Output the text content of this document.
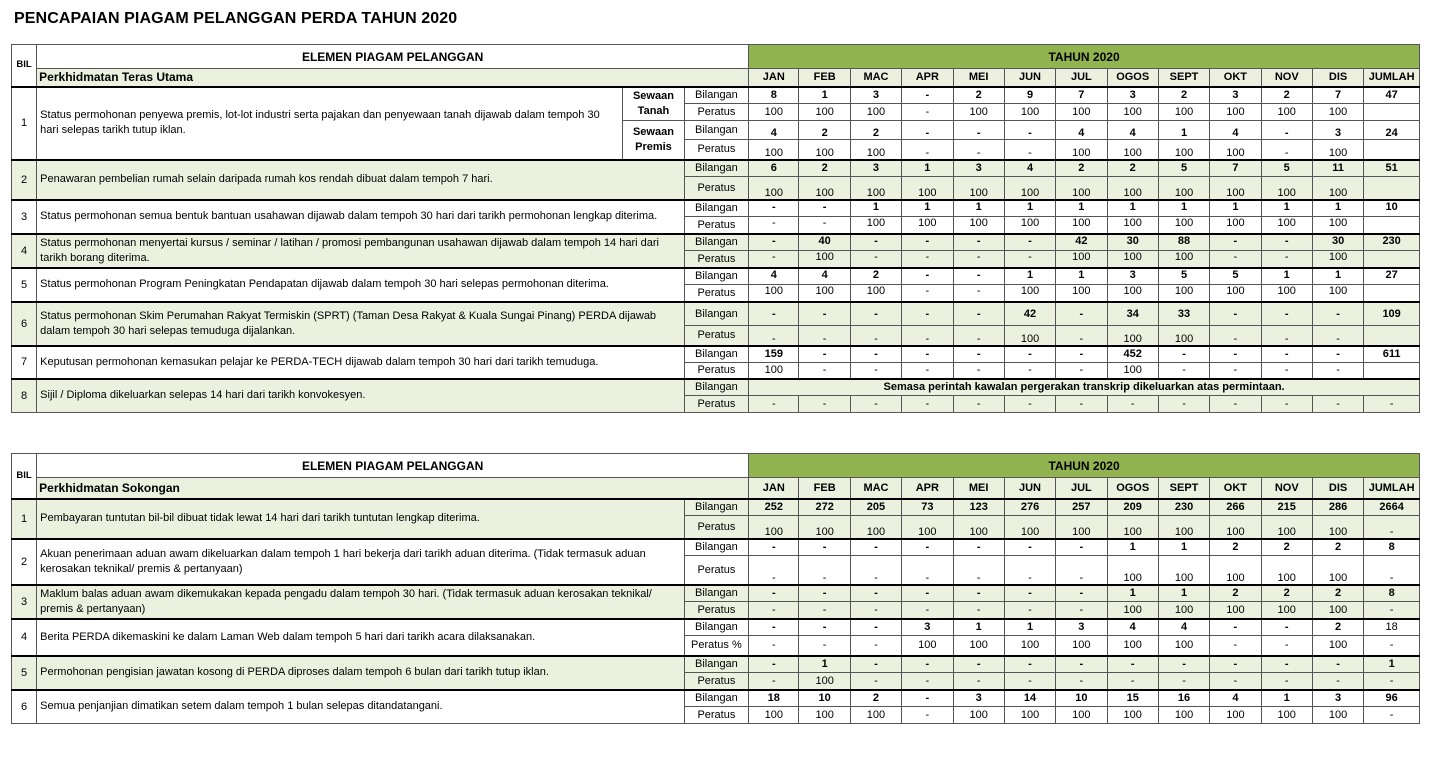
PENCAPAIAN PIAGAM PELANGGAN PERDA TAHUN 2020
BIL	ELEMEN PIAGAM PELANGGAN			TAHUN 2020												
	Perkhidmatan Teras Utama			JAN	FEB	MAC	APR	MEI	JUN	JUL	OGOS	SEPT	OKT	NOV	DIS	JUMLAH
1	Status permohonan penyewa premis, lot-lot industri serta pajakan dan penyewaan tanah dijawab dalam tempoh 30 hari selepas tarikh tutup iklan.	Sewaan Tanah	Bilangan	8	1	3	-	2	9	7	3	2	3	2	7	47
			Peratus	100	100	100	-	100	100	100	100	100	100	100	100	
		Sewaan Premis	Bilangan	4	2	2	-	-	-	4	4	1	4	-	3	24
			Peratus	100	100	100	-	-	-	100	100	100	100	-	100	
2	Penawaran pembelian rumah selain daripada rumah kos rendah dibuat dalam tempoh 7 hari.		Bilangan	6	2	3	1	3	4	2	2	5	7	5	11	51
			Peratus	100	100	100	100	100	100	100	100	100	100	100	100	
3	Status permohonan semua bentuk bantuan usahawan dijawab dalam tempoh 30 hari dari tarikh permohonan lengkap diterima.		Bilangan	-	-	1	1	1	1	1	1	1	1	1	1	10
			Peratus	-	-	100	100	100	100	100	100	100	100	100	100	
4	Status permohonan menyertai kursus / seminar / latihan / promosi pembangunan usahawan dijawab dalam tempoh 14 hari dari tarikh borang diterima.		Bilangan	-	40	-	-	-	-	42	30	88	-	-	30	230
			Peratus	-	100	-	-	-	-	100	100	100	-	-	100	
5	Status permohonan Program Peningkatan Pendapatan dijawab dalam tempoh 30 hari selepas permohonan diterima.		Bilangan	4	4	2	-	-	1	1	3	5	5	1	1	27
			Peratus	100	100	100	-	-	100	100	100	100	100	100	100	
6	Status permohonan Skim Perumahan Rakyat Termiskin (SPRT) (Taman Desa Rakyat & Kuala Sungai Pinang) PERDA dijawab dalam tempoh 30 hari selepas temuduga dijalankan.		Bilangan	-	-	-	-	-	42	-	34	33	-	-	-	109
			Peratus	-	-	-	-	-	100	-	100	100	-	-	-	
7	Keputusan permohonan kemasukan pelajar ke PERDA-TECH dijawab dalam tempoh 30 hari dari tarikh temuduga.		Bilangan	159	-	-	-	-	-	-	452	-	-	-	-	611
			Peratus	100	-	-	-	-	-	-	100	-	-	-	-	
8	Sijil / Diploma dikeluarkan selepas 14 hari dari tarikh konvokesyen.		Bilangan	Semasa perintah kawalan pergerakan transkrip dikeluarkan atas permintaan.												
			Peratus	-	-	-	-	-	-	-	-	-	-	-	-	-
BIL	ELEMEN PIAGAM PELANGGAN		TAHUN 2020												
	Perkhidmatan Sokongan		JAN	FEB	MAC	APR	MEI	JUN	JUL	OGOS	SEPT	OKT	NOV	DIS	JUMLAH
1	Pembayaran tuntutan bil-bil dibuat tidak lewat 14 hari dari tarikh tuntutan lengkap diterima.	Bilangan	252	272	205	73	123	276	257	209	230	266	215	286	2664
		Peratus	100	100	100	100	100	100	100	100	100	100	100	100	-
2	Akuan penerimaan aduan awam dikeluarkan dalam tempoh 1 hari bekerja dari tarikh aduan diterima. (Tidak termasuk aduan kerosakan teknikal/ premis & pertanyaan)	Bilangan	-	-	-	-	-	-	-	1	1	2	2	2	8
		Peratus	-	-	-	-	-	-	-	100	100	100	100	100	-
3	Maklum balas aduan awam dikemukakan kepada pengadu dalam tempoh 30 hari. (Tidak termasuk aduan kerosakan teknikal/ premis & pertanyaan)	Bilangan	-	-	-	-	-	-	-	1	1	2	2	2	8
		Peratus	-	-	-	-	-	-	-	100	100	100	100	100	-
4	Berita PERDA dikemaskini ke dalam Laman Web dalam tempoh 5 hari dari tarikh acara dilaksanakan.	Bilangan	-	-	-	3	1	1	3	4	4	-	-	2	18
		Peratus %	-	-	-	100	100	100	100	100	100	-	-	100	-
5	Permohonan pengisian jawatan kosong di PERDA diproses dalam tempoh 6 bulan dari tarikh tutup iklan.	Bilangan	-	1	-	-	-	-	-	-	-	-	-	-	1
		Peratus	-	100	-	-	-	-	-	-	-	-	-	-	-
6	Semua penjanjian dimatikan setem dalam tempoh 1 bulan selepas ditandatangani.	Bilangan	18	10	2	-	3	14	10	15	16	4	1	3	96
		Peratus	100	100	100	-	100	100	100	100	100	100	100	100	-
